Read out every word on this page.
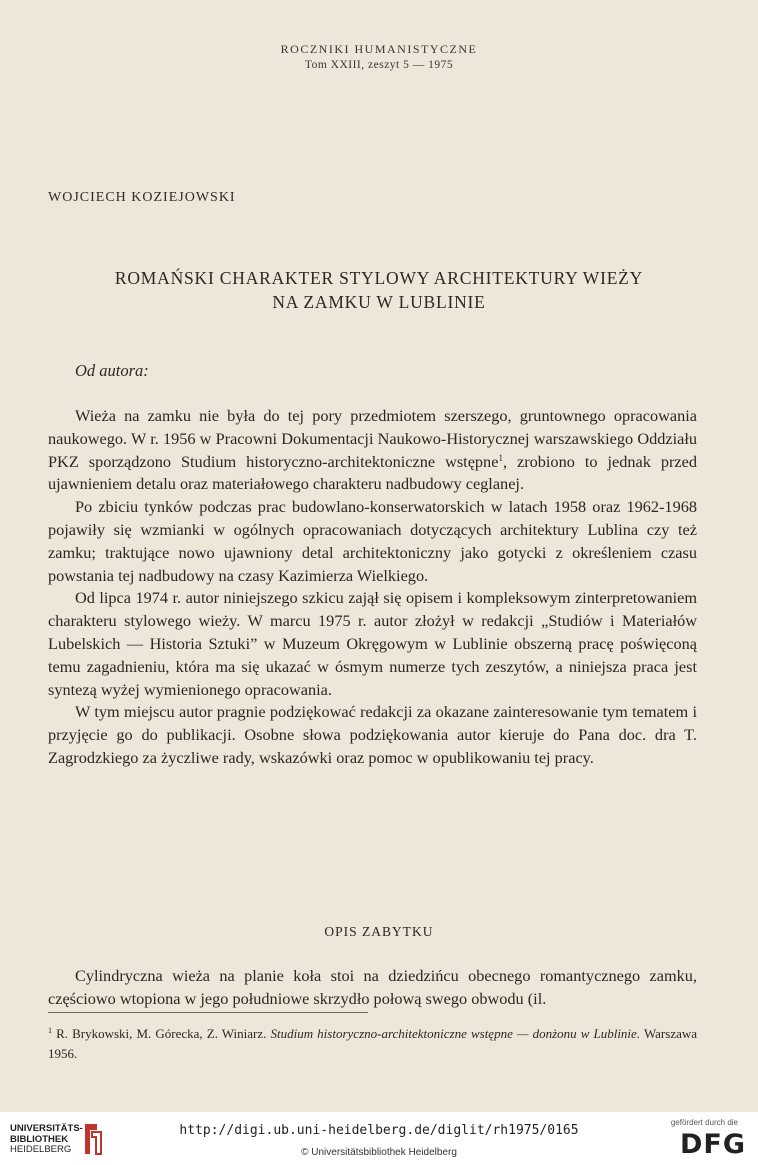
ROCZNIKI HUMANISTYCZNE
Tom XXIII, zeszyt 5 — 1975
WOJCIECH KOZIEJOWSKI
ROMAŃSKI CHARAKTER STYLOWY ARCHITEKTURY WIEŻY
NA ZAMKU W LUBLINIE
Od autora:

Wieża na zamku nie była do tej pory przedmiotem szerszego, gruntownego opracowania naukowego. W r. 1956 w Pracowni Dokumentacji Naukowo-Historycznej warszawskiego Oddziału PKZ sporządzono Studium historyczno-architektoniczne wstępne$^1$, zrobiono to jednak przed ujawnieniem detalu oraz materiałowego charakteru nadbudowy ceglanej.

Po zbiciu tynków podczas prac budowlano-konserwatorskich w latach 1958 oraz 1962-1968 pojawiły się wzmianki w ogólnych opracowaniach dotyczących architektury Lublina czy też zamku; traktujące nowo ujawniony detal architektoniczny jako gotycki z określeniem czasu powstania tej nadbudowy na czasy Kazimierza Wielkiego.

Od lipca 1974 r. autor niniejszego szkicu zajął się opisem i kompleksowym zinterpretowaniem charakteru stylowego wieży. W marcu 1975 r. autor złożył w redakcji „Studiów i Materiałów Lubelskich — Historia Sztuki” w Muzeum Okręgowym w Lublinie obszerną pracę poświęconą temu zagadnieniu, która ma się ukazać w ósmym numerze tych zeszytów, a niniejsza praca jest syntezą wyżej wymienionego opracowania.

W tym miejscu autor pragnie podziękować redakcji za okazane zainteresowanie tym tematem i przyjęcie go do publikacji. Osobne słowa podziękowania autor kieruje do Pana doc. dra T. Zagrodzkiego za życzliwe rady, wskazówki oraz pomoc w opublikowaniu tej pracy.

OPIS ZABYTKU

Cylindryczna wieża na planie koła stoi na dziedzińcu obecnego romantycznego zamku, częściowo wtopiona w jego południowe skrzydło połową swego obwodu (il.

$^1$ R. Brykowski, M. Górecka, Z. Winiarz. Studium historyczno-architektoniczne wstępne — donżonu w Lublinie. Warszawa 1956.
UNIVERSITÄTS-
BIBLIOTHEK
HEIDELBERG
http://digi.ub.uni-heidelberg.de/diglit/rh1975/0165
© Universitätsbibliothek Heidelberg
gefördert durch die
DFG
